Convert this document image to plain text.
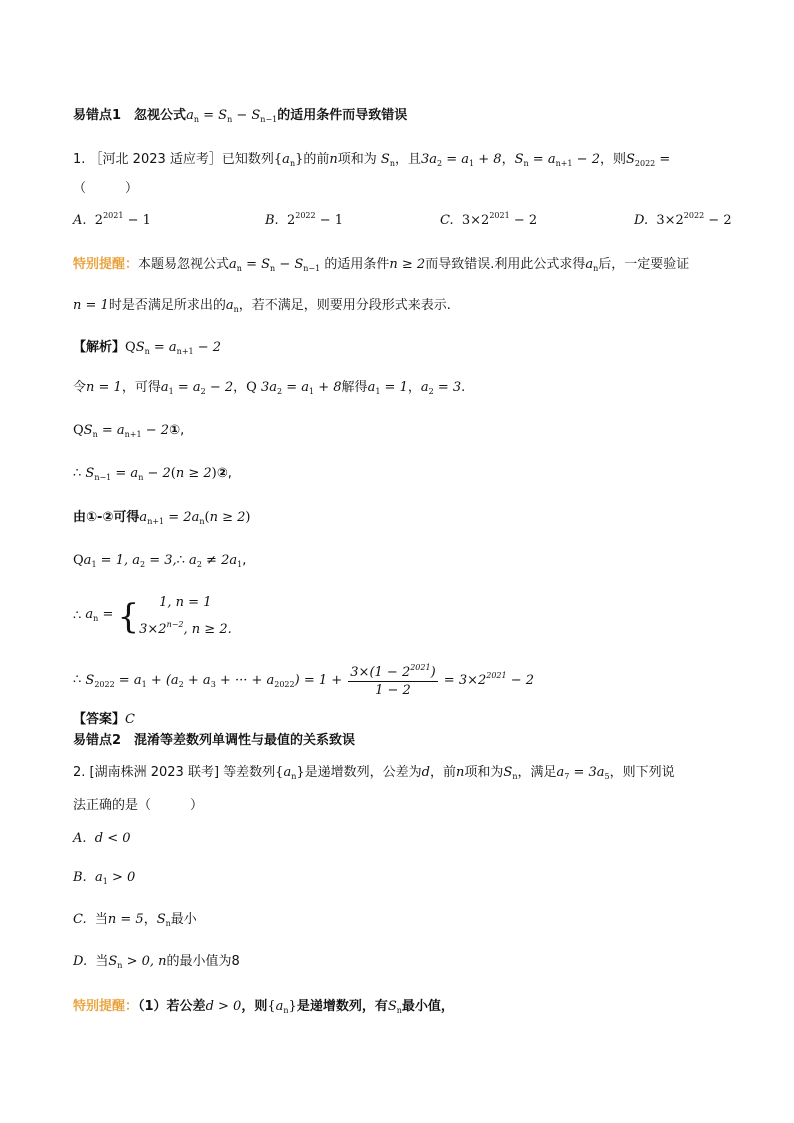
易错点1　忽视公式$a_n = S_n - S_{n-1}$的适用条件而导致错误
1. ［河北 2023 适应考］已知数列$\{a_n\}$的前n项和为 $S_n$，且$3a_2 = a_1 + 8$，$S_n = a_{n+1} - 2$，则$S_{2022}$ =
（　　　）
A. $2^{2021} - 1$	B. $2^{2022} - 1$	C. $3\times 2^{2021} - 2$	D. $3\times 2^{2022} - 2$
特别提醒：本题易忽视公式$a_n = S_n - S_{n-1}$ 的适用条件n ≥ 2而导致错误.利用此公式求得$a_n$后，一定要验证
n = 1时是否满足所求出的$a_n$，若不满足，则要用分段形式来表示.
【解析】$QS_n = a_{n+1} - 2$
令n = 1，可得$a_1 = a_2 - 2$，Q $3a_2 = a_1 + 8$解得$a_1 = 1$，$a_2 = 3$.
$QS_n = a_{n+1}$ − 2①,
∴ $S_{n-1} = a_n - 2(n$ ≥ 2)②,
由①-②可得$a_{n+1} = 2a_n(n \ge 2)$
$Qa_1 = 1$, $a_2$ = 3,∴ $a_2 \ne 2a_1$,
∴ $a_n$ = {	1, n = 1
$3\times 2^{n-2}$, n ≥ 2.
∴ $S_{2022} = a_1 + (a_2 + a_3$ + ··· + $a_{2022}) = 1 + \frac{3\times(1 - 2^{2021})}{1 - 2} = 3\times 2^{2021} - 2$
【答案】C
易错点2　混淆等差数列单调性与最值的关系致误
2. [湖南株洲 2023 联考] 等差数列$\{a_n\}$是递增数列，公差为d，前n项和为$S_n$，满足$a_7 = 3a_5$，则下列说
法正确的是（　　　）
A. d < 0
B. $a_1 > 0$
C. 当n = 5，$S_n$最小
D. 当$S_n > 0$, n的最小值为8
特别提醒：（1）若公差d > 0，则$\{a_n\}$是递增数列，有$S_n$最小值，
